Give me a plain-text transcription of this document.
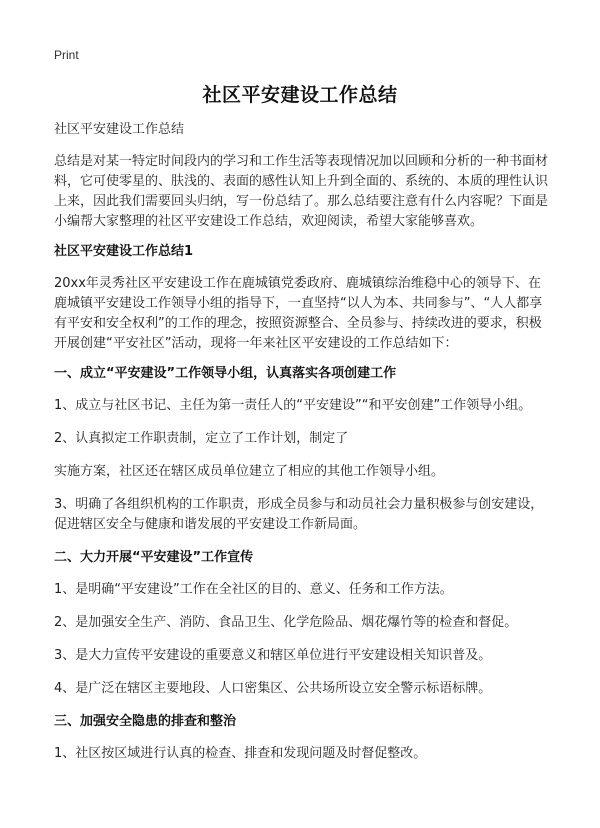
Print
社区平安建设工作总结

社区平安建设工作总结

总结是对某一特定时间段内的学习和工作生活等表现情况加以回顾和分析的一种书面材料，它可使零星的、肤浅的、表面的感性认知上升到全面的、系统的、本质的理性认识上来，因此我们需要回头归纳，写一份总结了。那么总结要注意有什么内容呢？下面是小编帮大家整理的社区平安建设工作总结，欢迎阅读，希望大家能够喜欢。

社区平安建设工作总结1

20xx年灵秀社区平安建设工作在鹿城镇党委政府、鹿城镇综治维稳中心的领导下、在鹿城镇平安建设工作领导小组的指导下，一直坚持“以人为本、共同参与”、“人人都享有平安和安全权利”的工作的理念，按照资源整合、全员参与、持续改进的要求，积极开展创建“平安社区”活动，现将一年来社区平安建设的工作总结如下：

一、成立“平安建设”工作领导小组，认真落实各项创建工作

1、成立与社区书记、主任为第一责任人的“平安建设”“和平安创建”工作领导小组。

2、认真拟定工作职责制，定立了工作计划，制定了

实施方案，社区还在辖区成员单位建立了相应的其他工作领导小组。

3、明确了各组织机构的工作职责，形成全员参与和动员社会力量积极参与创安建设，促进辖区安全与健康和谐发展的平安建设工作新局面。

二、大力开展“平安建设”工作宣传

1、是明确“平安建设”工作在全社区的目的、意义、任务和工作方法。

2、是加强安全生产、消防、食品卫生、化学危险品、烟花爆竹等的检查和督促。

3、是大力宣传平安建设的重要意义和辖区单位进行平安建设相关知识普及。

4、是广泛在辖区主要地段、人口密集区、公共场所设立安全警示标语标牌。

三、加强安全隐患的排查和整治

1、社区按区域进行认真的检查、排查和发现问题及时督促整改。
